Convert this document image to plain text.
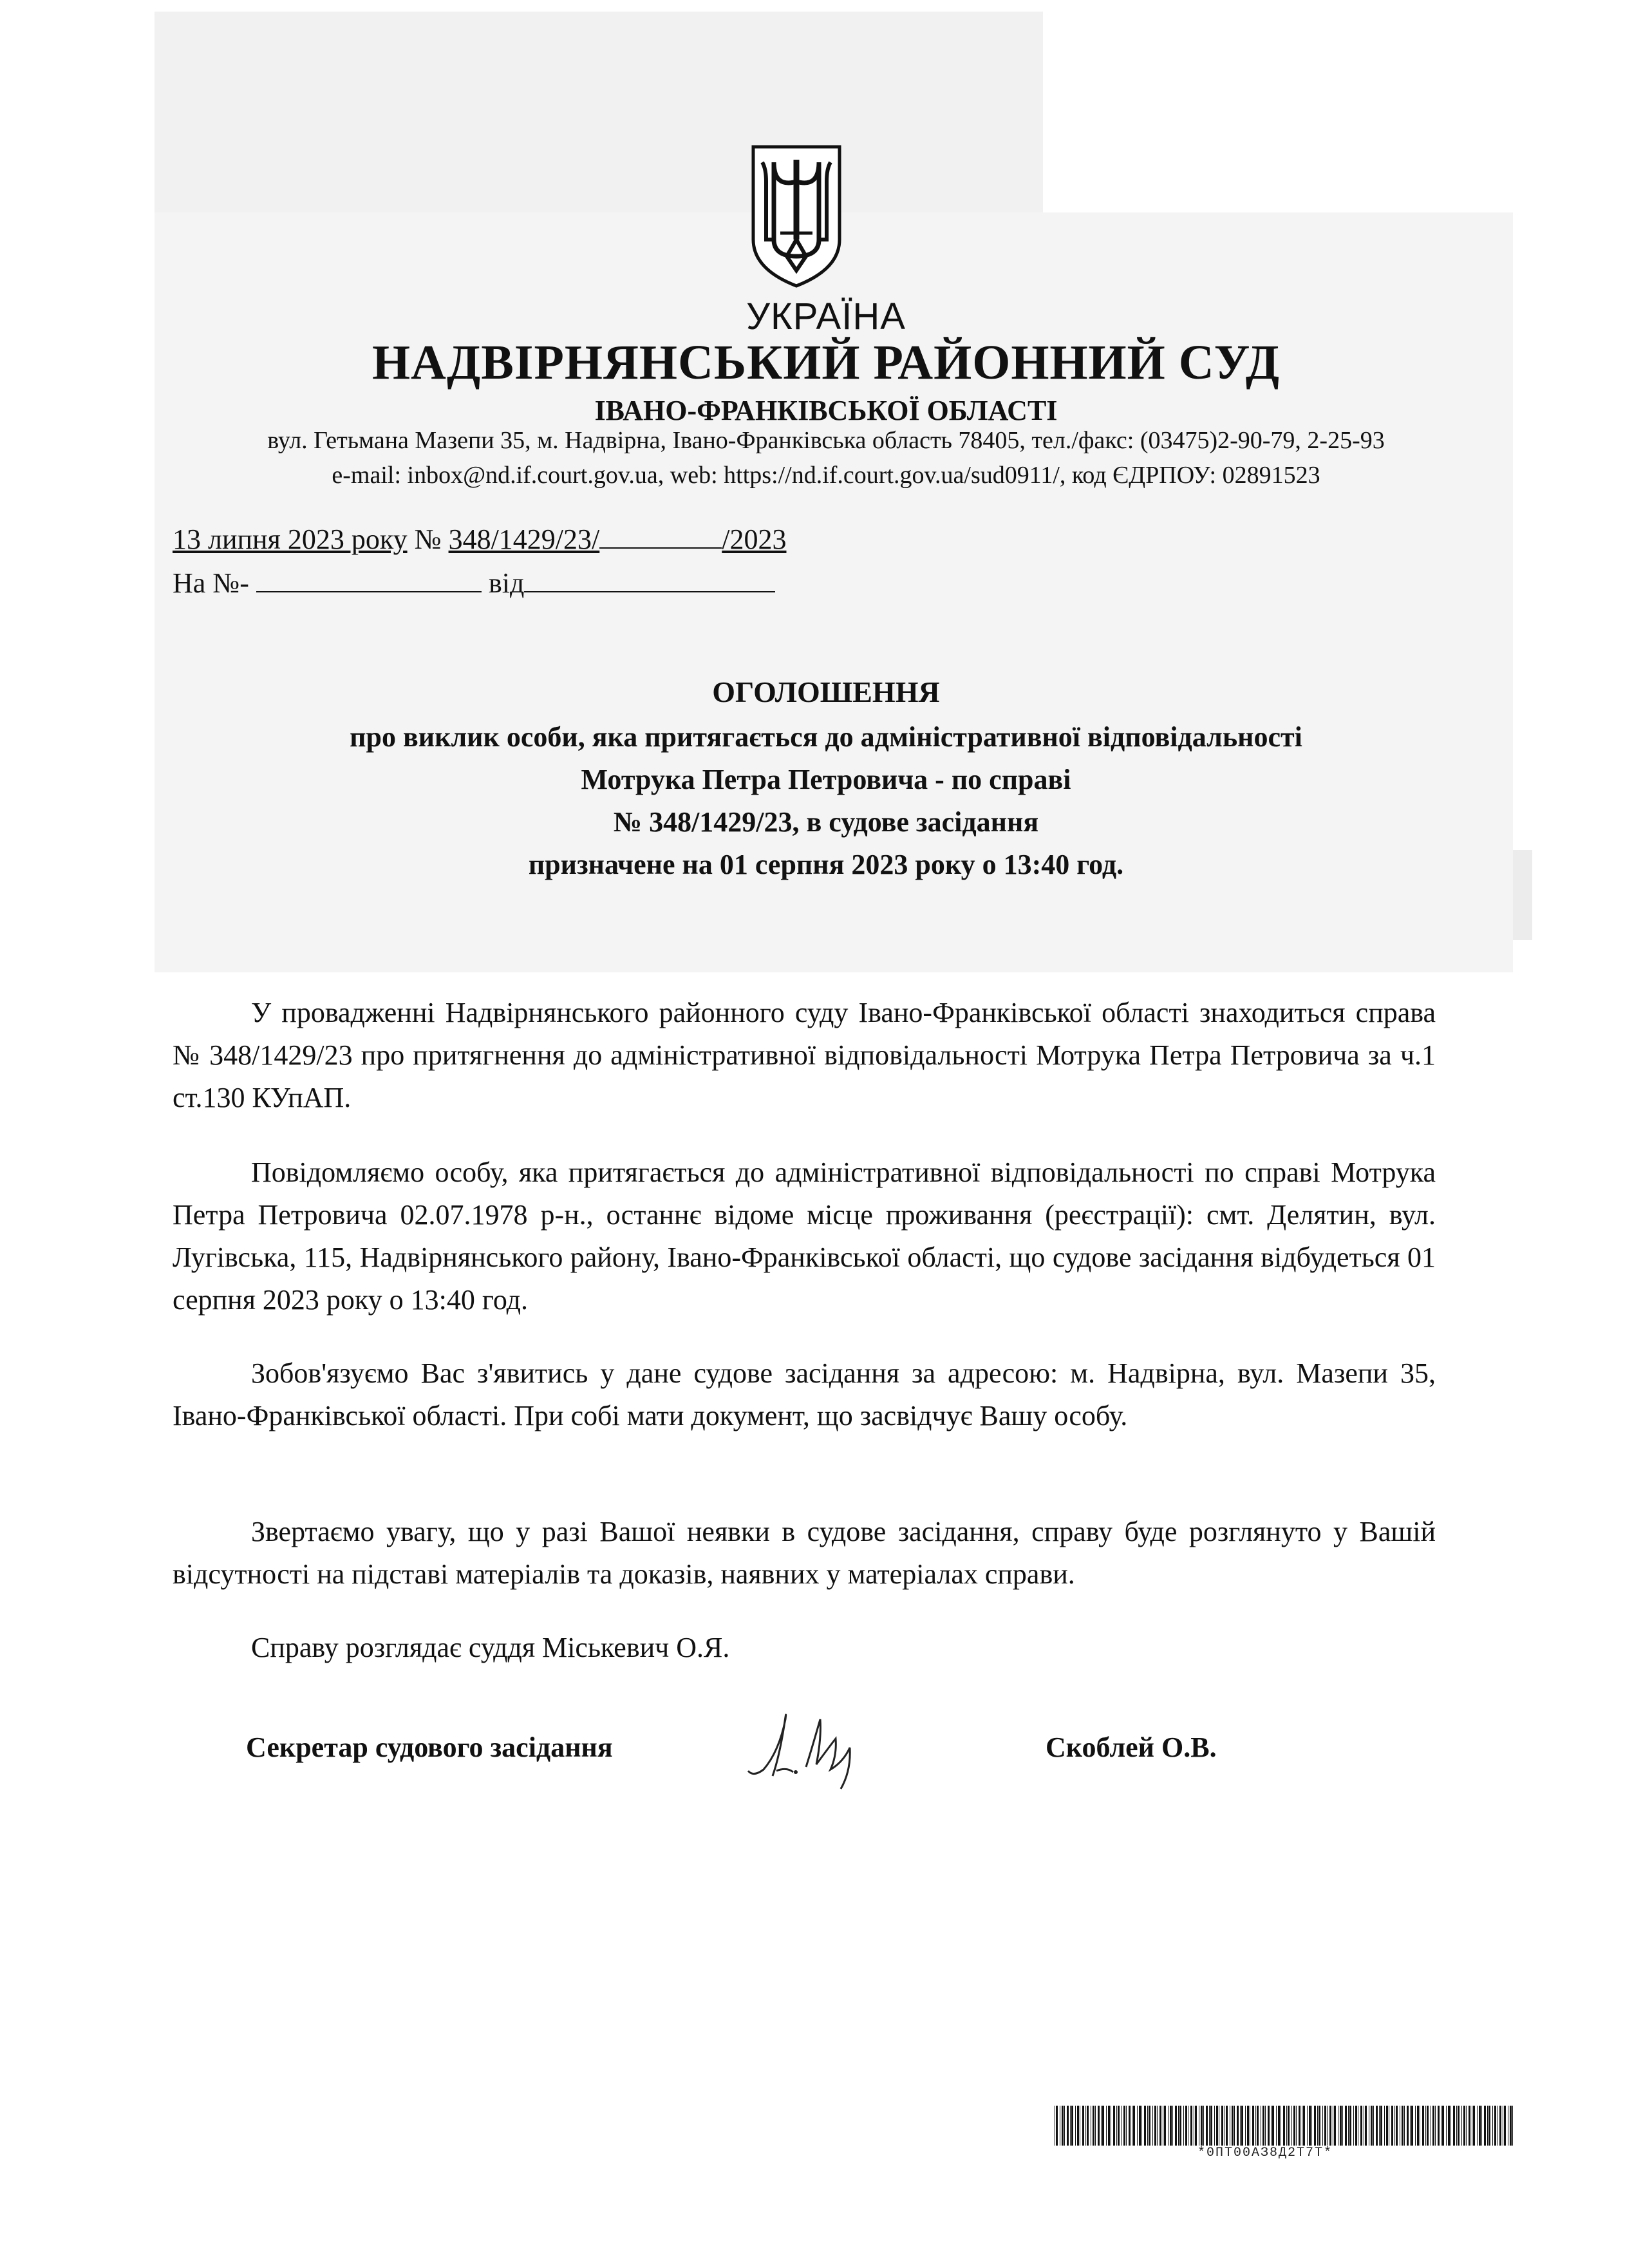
УКРАЇНА
НАДВІРНЯНСЬКИЙ РАЙОННИЙ СУД
ІВАНО-ФРАНКІВСЬКОЇ ОБЛАСТІ
вул. Гетьмана Мазепи 35, м. Надвірна, Івано-Франківська область 78405, тел./факс: (03475)2-90-79, 2-25-93
e-mail: inbox@nd.if.court.gov.ua, web: https://nd.if.court.gov.ua/sud0911/, код ЄДРПОУ: 02891523
13 липня 2023 року № 348/1429/23/	/2023
На №-	від
ОГОЛОШЕННЯ
про виклик особи, яка притягається до адміністративної відповідальності
Мотрука Петра Петровича - по справі
№ 348/1429/23, в судове засідання
призначене на 01 серпня 2023 року о 13:40 год.

У провадженні Надвірнянського районного суду Івано-Франківської області знаходиться справа № 348/1429/23 про притягнення до адміністративної відповідальності Мотрука Петра Петровича за ч.1 ст.130 КУпАП.

Повідомляємо особу, яка притягається до адміністративної відповідальності по справі Мотрука Петра Петровича 02.07.1978 р-н., останнє відоме місце проживання (реєстрації): смт. Делятин, вул. Лугівська, 115, Надвірнянського району, Івано-Франківської області, що судове засідання відбудеться 01 серпня 2023 року о 13:40 год.

Зобов'язуємо Вас з'явитись у дане судове засідання за адресою: м. Надвірна, вул. Мазепи 35, Івано-Франківської області. При собі мати документ, що засвідчує Вашу особу.

Звертаємо увагу, що у разі Вашої неявки в судове засідання, справу буде розглянуто у Вашій відсутності на підставі матеріалів та доказів, наявних у матеріалах справи.

Справу розглядає суддя Міськевич О.Я.

Секретар судового засідання	Скоблей О.В.
*0ПТ00АЗ8Д2Т7Т*
